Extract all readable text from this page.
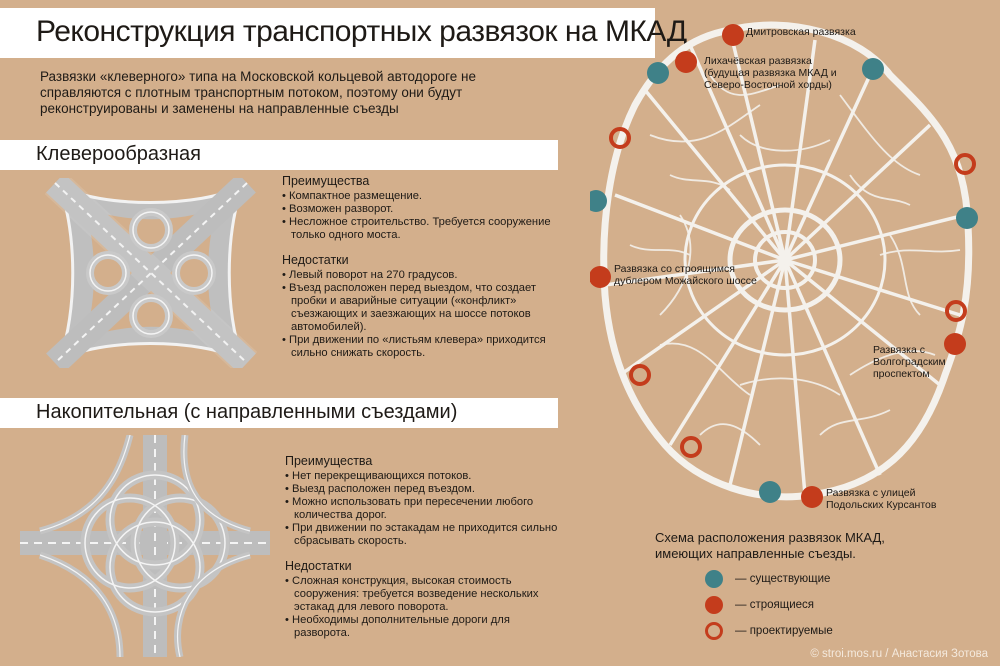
Реконструкция транспортных развязок на МКАД
Развязки «клеверного» типа на Московской кольцевой автодороге не справляются с плотным транспортным потоком, поэтому они будут реконструированы и заменены на направленные съезды
Клеверообразная
Преимущества
• Компактное размещение.
• Возможен разворот.
• Несложное строительство. Требуется сооружение только одного моста.
Недостатки
• Левый поворот на 270 градусов.
• Въезд расположен перед выездом, что создает пробки и аварийные ситуации («конфликт» съезжающих и заезжающих на шоссе потоков автомобилей).
• При движении по «листьям клевера» приходится сильно снижать скорость.
Накопительная (с направленными съездами)
Преимущества
• Нет перекрещивающихся потоков.
• Выезд расположен перед въездом.
• Можно использовать при пересечении любого количества дорог.
• При движении по эстакадам не приходится сильно сбрасывать скорость.
Недостатки
• Сложная конструкция, высокая стоимость сооружения: требуется возведение нескольких эстакад для левого поворота.
• Необходимы дополнительные дороги для разворота.
Дмитровская развязка
Лихачёвская развязка (будущая развязка МКАД и Северо-Восточной хорды)
Развязка со строящимся дублером Можайского шоссе
Развязка с Волгоградским проспектом
Развязка с улицей Подольских Курсантов
Схема расположения развязок МКАД, имеющих направленные съезды.
— существующие
— строящиеся
— проектируемые
© stroi.mos.ru / Анастасия Зотова
